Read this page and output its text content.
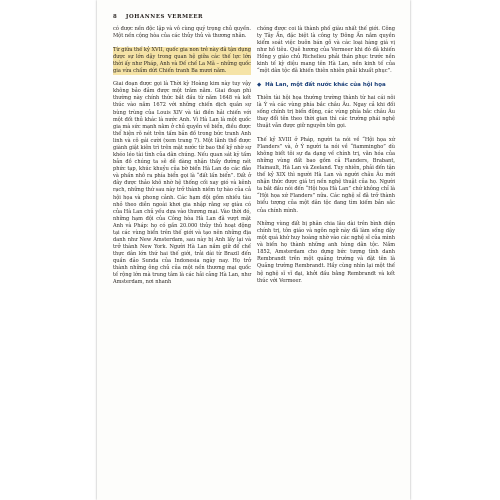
8 JOHANNES VERMEER

có được nền độc lập và vô cùng quý trọng chủ quyền. Một nền cộng hòa của các thủy thủ và thương nhân.

Từ giữa thế kỷ XVII, quốc gia non trẻ này đã tận dụng được sự lớn dậy trong quan hệ giữa các thế lực lớn thời ấy như Pháp, Anh và Đế chế La Mã – những quốc gia vừa chấm dứt Chiến tranh Ba mươi năm.

Giai đoạn được gọi là Thời kỳ Hoàng kim này tuy vậy không bảo đảm được một trăm năm. Giai đoạn phì thường này chính thức bắt đầu từ năm 1648 và kết thúc vào năm 1672 với những chiến dịch quân sự bùng trùng của Louis XIV và tài điền hải chiến với một đối thủ khác là nước Anh. Vì Hà Lan là một quốc gia mà sức mạnh nằm ở chủ quyền về biển, điều được thể hiện rõ nét trên tấm bản đồ trong bức tranh Anh linh và cô gái cười (xem trang 7). Một lãnh thổ được giành giật kiên trì trên mặt nước từ bao thế kỷ nhờ sự khéo léo tài tình của dân chúng. Nếu quan sát kỹ tấm bản đồ chúng ta sẽ dễ dàng nhận thấy đường nét phức tạp, khúc khuỷu của bờ biển Hà Lan do các đảo và phần nhô ra phía biển gọi là “đất lấn biển”. Đất ở đây được thảo khô nhờ hệ thống cối xay gió và kênh rạch, những thứ sau này trở thành niềm tự hào của cả hội họa và phong cảnh. Các hạm đội gồm nhiều tàu nhỏ theo diễn ngoài khơi gia nhập rằng sự giàu có của Hà Lan chủ yếu dựa vào thương mại. Vào thời đó, những hạm đội của Công hòa Hà Lan đã vượt mặt Anh và Pháp: họ có gần 20.000 thủy thủ hoạt động tại các vùng biển trên thế giới và tạo nên những địa danh như New Amsterdam, sau này bị Anh lấy lại và trở thành New York. Người Hà Lan nắm giữ để chế thực dân lớn thứ hai thế giới, trải dài từ Brazil đến quần đảo Sunda của Indonesia ngày nay. Họ trở thành những ông chủ của một nền thương mại quốc tế rộng lớn mà trung tâm là các hải cảng Hà Lan, như Amsterdam, nơi nhanh

chóng được coi là thành phố giàu nhất thế giới. Công ty Tây Ấn, đặc biệt là công ty Đông Ấn nắm quyền kiểm soát việc buôn bán gỗ và các loại hàng giá vị như hồ tiêu. Quê hương của Vermeer khi đó đã khiến Hồng y giáo chủ Richelieu phải thán phục trước nền kinh tế kỳ diệu mang tên Hà Lan, nền kinh tế của “một dân tộc đã khiến thiên nhiên phải khuất phục”.

◆ Hà Lan, một đất nước khác của hội họa

Thiên tài hội họa thường trường thành từ hai cái nôi là Ý và các vùng phía bắc châu Âu. Ngay cả khi đối sống chính trị biến động, các vùng phía bắc châu Âu thay đổi tên theo thời gian thì các trường phái nghệ thuật vẫn được giữ nguyên tên gọi.

Thế kỷ XVIII ở Pháp, người ta nói về “Hội họa xứ Flanders” và, ở Ý người ta nói về “fiammingho” dù không biết tôi sự đa dạng về chính trị, văn hóa của những vùng đất bao gồm cả Flanders, Brabant, Hainault, Hà Lan và Zeeland. Tuy nhiên, phải đến tận thế kỷ XIX thì người Hà Lan và người châu Âu mới nhận thức được giá trị nền nghệ thuật của họ. Người ta bắt đầu nói đến “Hội họa Hà Lan” chứ không chỉ là “Hội họa xứ Flanders” nữa. Các nghệ sĩ đã trở thành biểu tượng của một dân tộc đang tìm kiếm bản sắc của chính mình.

Những vùng đất bị phân chia lâu dài trên bình diện chính trị, tôn giáo và ngôn ngữ này đã làm sống dậy một quá khứ huy hoàng nhờ vào các nghệ sĩ của mình và biến họ thành những anh hùng dân tộc. Năm 1852, Amsterdam cho dựng bức tượng tính danh Rembrandt trên một quảng trường và đặt tên là Quảng trường Rembrandt. Hầy cùng nhìn lại một thế hệ nghệ sĩ vĩ đại, khởi đầu bằng Rembrandt và kết thúc với Vermeer.
